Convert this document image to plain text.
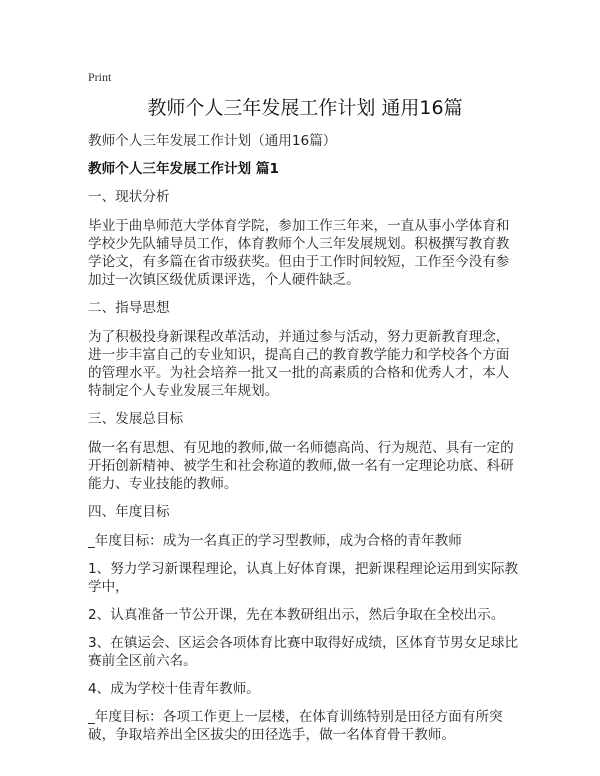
Print
教师个人三年发展工作计划 通用16篇

教师个人三年发展工作计划（通用16篇）

教师个人三年发展工作计划 篇1

一、现状分析

毕业于曲阜师范大学体育学院，参加工作三年来，一直从事小学体育和学校少先队辅导员工作，体育教师个人三年发展规划。积极撰写教育教学论文，有多篇在省市级获奖。但由于工作时间较短，工作至今没有参加过一次镇区级优质课评选，个人硬件缺乏。

二、指导思想

为了积极投身新课程改革活动，并通过参与活动，努力更新教育理念，进一步丰富自己的专业知识，提高自己的教育教学能力和学校各个方面的管理水平。为社会培养一批又一批的高素质的合格和优秀人才，本人特制定个人专业发展三年规划。

三、发展总目标

做一名有思想、有见地的教师,做一名师德高尚、行为规范、具有一定的开拓创新精神、被学生和社会称道的教师,做一名有一定理论功底、科研能力、专业技能的教师。

四、年度目标

_年度目标：成为一名真正的学习型教师，成为合格的青年教师

1、努力学习新课程理论，认真上好体育课，把新课程理论运用到实际教学中，

2、认真准备一节公开课，先在本教研组出示，然后争取在全校出示。

3、在镇运会、区运会各项体育比赛中取得好成绩，区体育节男女足球比赛前全区前六名。

4、成为学校十佳青年教师。

_年度目标：各项工作更上一层楼，在体育训练特别是田径方面有所突破，争取培养出全区拔尖的田径选手，做一名体育骨干教师。
